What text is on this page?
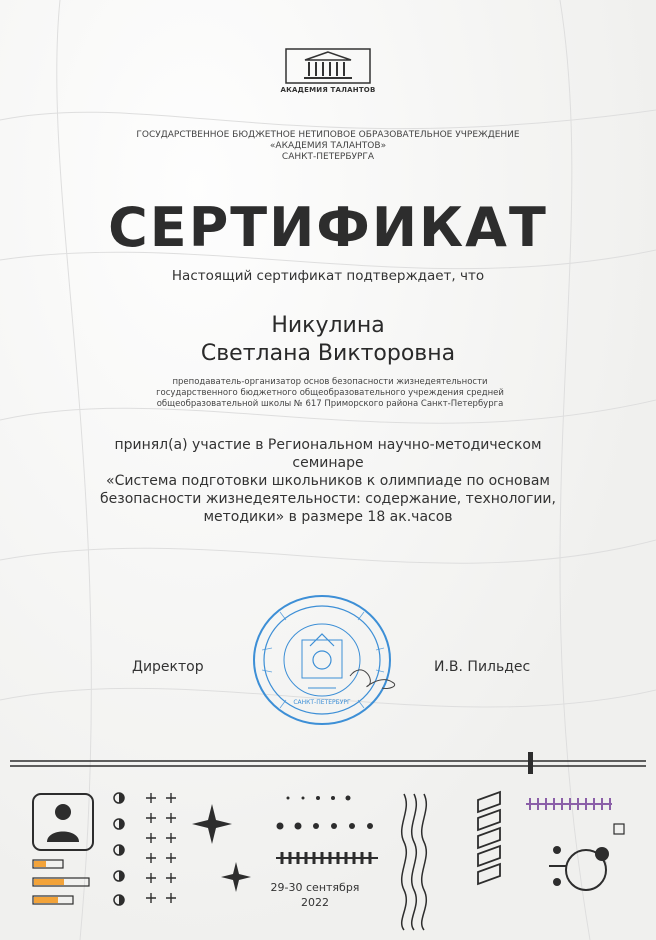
АКАДЕМИЯ ТАЛАНТОВ
ГОСУДАРСТВЕННОЕ БЮДЖЕТНОЕ НЕТИПОВОЕ ОБРАЗОВАТЕЛЬНОЕ УЧРЕЖДЕНИЕ
«АКАДЕМИЯ ТАЛАНТОВ»
САНКТ-ПЕТЕРБУРГА
СЕРТИФИКАТ
Настоящий сертификат подтверждает, что
Никулина
Светлана Викторовна
преподаватель-организатор основ безопасности жизнедеятельности
государственного бюджетного общеобразовательного учреждения средней
общеобразовательной школы № 617 Приморского района Санкт-Петербурга
принял(а) участие в Региональном научно-методическом семинаре
«Система подготовки школьников к олимпиаде по основам
безопасности жизнедеятельности: содержание, технологии,
методики» в размере 18 ак.часов
САНКТ-ПЕТЕРБУРГ
Директор	И.В. Пильдес
29-30 сентября
2022
